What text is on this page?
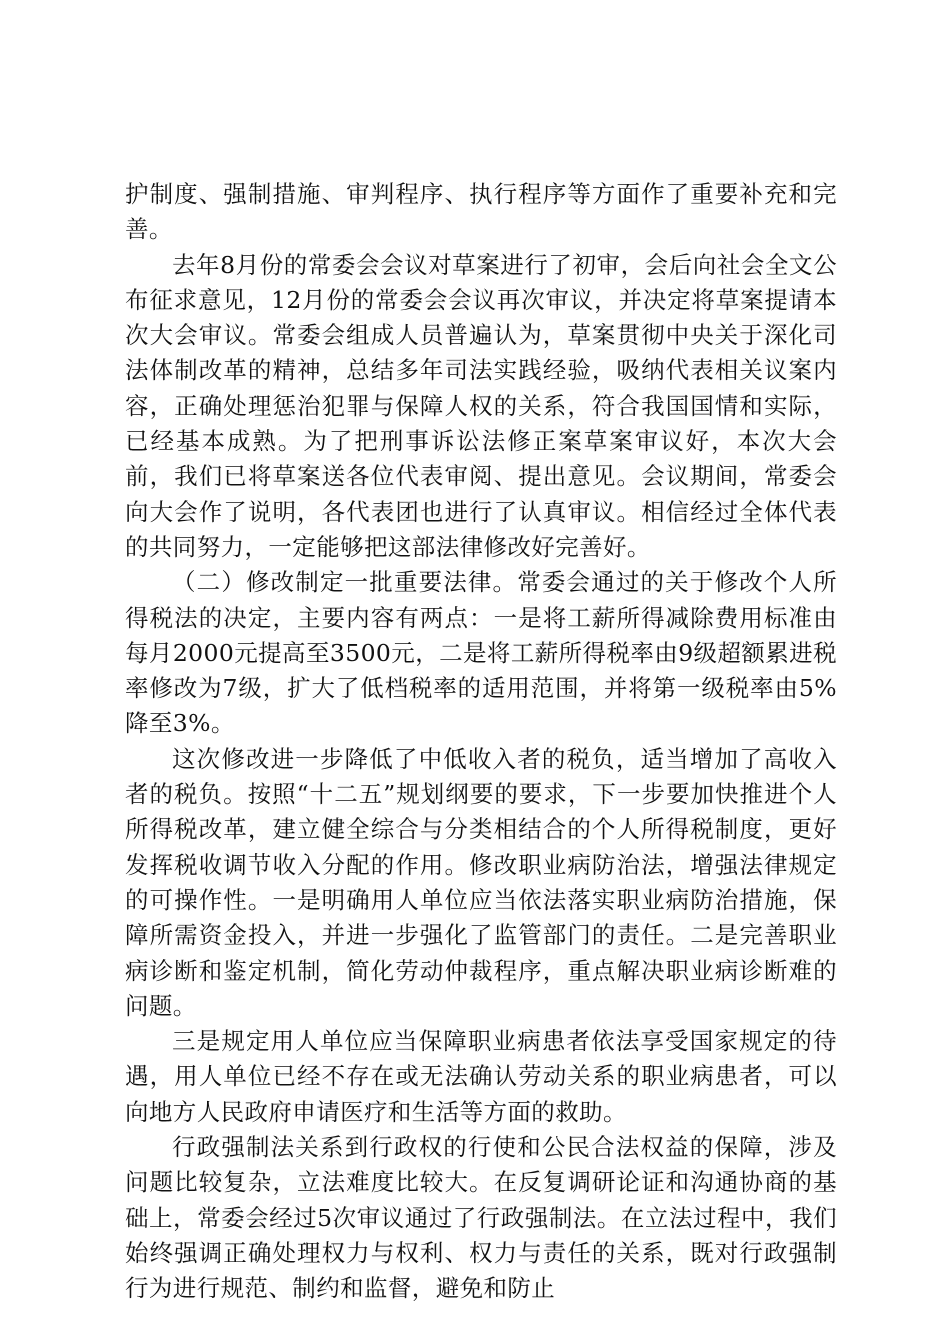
护制度、强制措施、审判程序、执行程序等方面作了重要补充和完善。

去年8月份的常委会会议对草案进行了初审，会后向社会全文公布征求意见，12月份的常委会会议再次审议，并决定将草案提请本次大会审议。常委会组成人员普遍认为，草案贯彻中央关于深化司法体制改革的精神，总结多年司法实践经验，吸纳代表相关议案内容，正确处理惩治犯罪与保障人权的关系，符合我国国情和实际，已经基本成熟。为了把刑事诉讼法修正案草案审议好，本次大会前，我们已将草案送各位代表审阅、提出意见。会议期间，常委会向大会作了说明，各代表团也进行了认真审议。相信经过全体代表的共同努力，一定能够把这部法律修改好完善好。

（二）修改制定一批重要法律。常委会通过的关于修改个人所得税法的决定，主要内容有两点：一是将工薪所得减除费用标准由每月2000元提高至3500元，二是将工薪所得税率由9级超额累进税率修改为7级，扩大了低档税率的适用范围，并将第一级税率由5%降至3%。

这次修改进一步降低了中低收入者的税负，适当增加了高收入者的税负。按照“十二五”规划纲要的要求，下一步要加快推进个人所得税改革，建立健全综合与分类相结合的个人所得税制度，更好发挥税收调节收入分配的作用。修改职业病防治法，增强法律规定的可操作性。一是明确用人单位应当依法落实职业病防治措施，保障所需资金投入，并进一步强化了监管部门的责任。二是完善职业病诊断和鉴定机制，简化劳动仲裁程序，重点解决职业病诊断难的问题。

三是规定用人单位应当保障职业病患者依法享受国家规定的待遇，用人单位已经不存在或无法确认劳动关系的职业病患者，可以向地方人民政府申请医疗和生活等方面的救助。

行政强制法关系到行政权的行使和公民合法权益的保障，涉及问题比较复杂，立法难度比较大。在反复调研论证和沟通协商的基础上，常委会经过5次审议通过了行政强制法。在立法过程中，我们始终强调正确处理权力与权利、权力与责任的关系，既对行政强制行为进行规范、制约和监督，避免和防止
